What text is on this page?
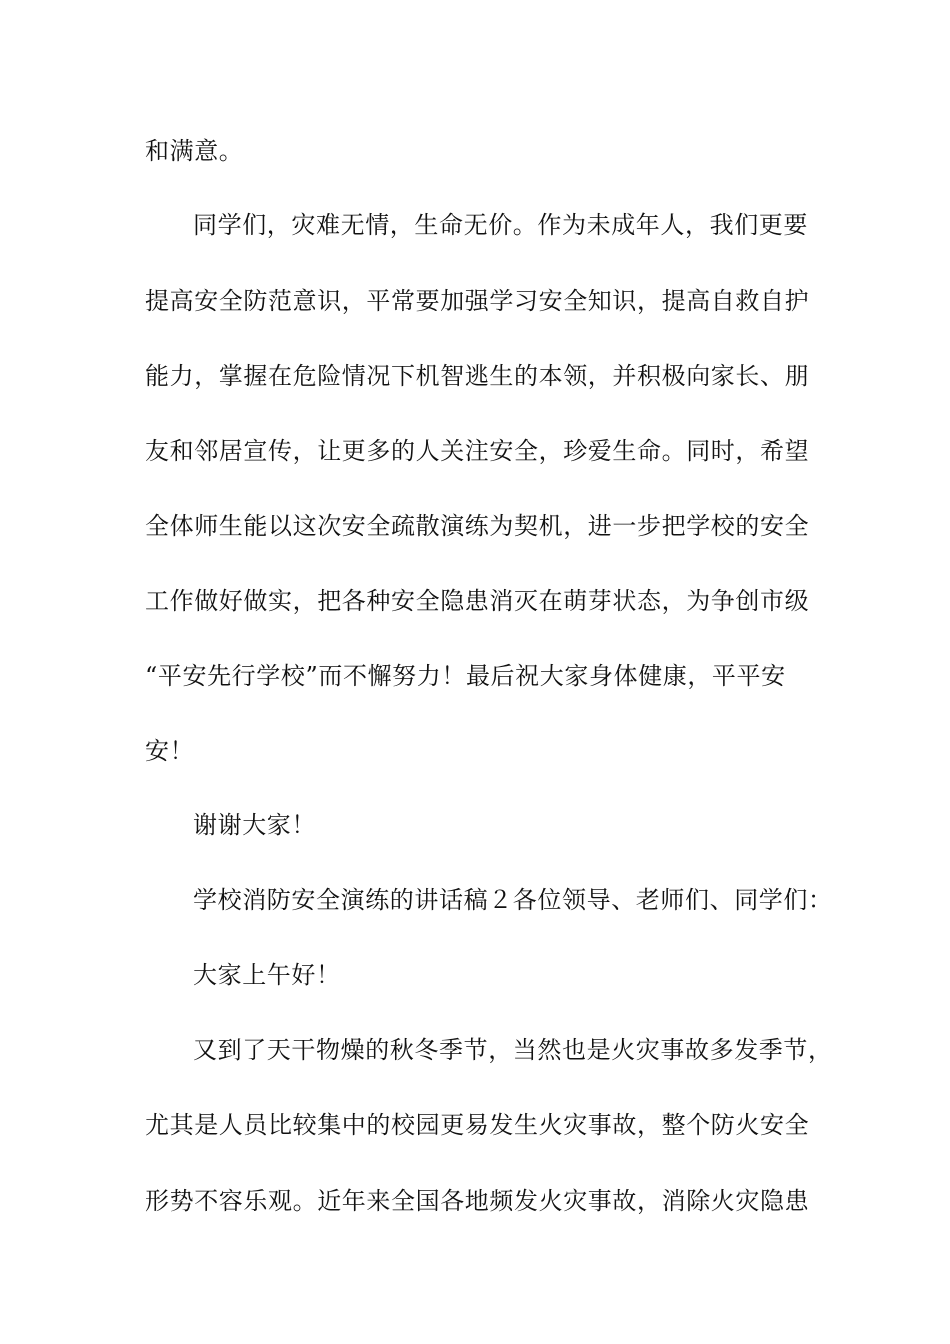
和满意。

同学们，灾难无情，生命无价。作为未成年人，我们更要

提高安全防范意识，平常要加强学习安全知识，提高自救自护

能力，掌握在危险情况下机智逃生的本领，并积极向家长、朋

友和邻居宣传，让更多的人关注安全，珍爱生命。同时，希望

全体师生能以这次安全疏散演练为契机，进一步把学校的安全

工作做好做实，把各种安全隐患消灭在萌芽状态，为争创市级

“平安先行学校”而不懈努力！最后祝大家身体健康，平平安

安！

谢谢大家！

学校消防安全演练的讲话稿２各位领导、老师们、同学们：

大家上午好！

又到了天干物燥的秋冬季节，当然也是火灾事故多发季节，

尤其是人员比较集中的校园更易发生火灾事故，整个防火安全

形势不容乐观。近年来全国各地频发火灾事故，消除火灾隐患
